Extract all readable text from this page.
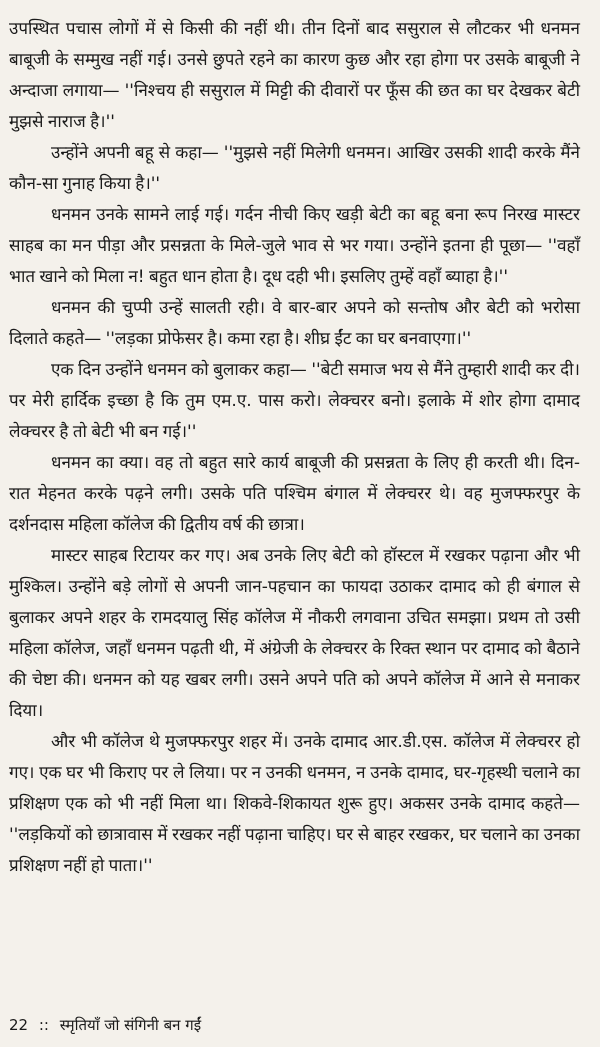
उपस्थित पचास लोगों में से किसी की नहीं थी। तीन दिनों बाद ससुराल से लौटकर भी धनमन बाबूजी के सम्मुख नहीं गई। उनसे छुपते रहने का कारण कुछ और रहा होगा पर उसके बाबूजी ने अन्दाजा लगाया— ''निश्चय ही ससुराल में मिट्टी की दीवारों पर फूँस की छत का घर देखकर बेटी मुझसे नाराज है।''

उन्होंने अपनी बहू से कहा— ''मुझसे नहीं मिलेगी धनमन। आखिर उसकी शादी करके मैंने कौन-सा गुनाह किया है।''

धनमन उनके सामने लाई गई। गर्दन नीची किए खड़ी बेटी का बहू बना रूप निरख मास्टर साहब का मन पीड़ा और प्रसन्नता के मिले-जुले भाव से भर गया। उन्होंने इतना ही पूछा— ''वहाँ भात खाने को मिला न! बहुत धान होता है। दूध दही भी। इसलिए तुम्हें वहाँ ब्याहा है।''

धनमन की चुप्पी उन्हें सालती रही। वे बार-बार अपने को सन्तोष और बेटी को भरोसा दिलाते कहते— ''लड़का प्रोफेसर है। कमा रहा है। शीघ्र ईंट का घर बनवाएगा।''

एक दिन उन्होंने धनमन को बुलाकर कहा— ''बेटी समाज भय से मैंने तुम्हारी शादी कर दी। पर मेरी हार्दिक इच्छा है कि तुम एम.ए. पास करो। लेक्चरर बनो। इलाके में शोर होगा दामाद लेक्चरर है तो बेटी भी बन गई।''

धनमन का क्या। वह तो बहुत सारे कार्य बाबूजी की प्रसन्नता के लिए ही करती थी। दिन-रात मेहनत करके पढ़ने लगी। उसके पति पश्चिम बंगाल में लेक्चरर थे। वह मुजफ्फरपुर के दर्शनदास महिला कॉलेज की द्वितीय वर्ष की छात्रा।

मास्टर साहब रिटायर कर गए। अब उनके लिए बेटी को हॉस्टल में रखकर पढ़ाना और भी मुश्किल। उन्होंने बड़े लोगों से अपनी जान-पहचान का फायदा उठाकर दामाद को ही बंगाल से बुलाकर अपने शहर के रामदयालु सिंह कॉलेज में नौकरी लगवाना उचित समझा। प्रथम तो उसी महिला कॉलेज, जहाँ धनमन पढ़ती थी, में अंग्रेजी के लेक्चरर के रिक्त स्थान पर दामाद को बैठाने की चेष्टा की। धनमन को यह खबर लगी। उसने अपने पति को अपने कॉलेज में आने से मनाकर दिया।

और भी कॉलेज थे मुजफ्फरपुर शहर में। उनके दामाद आर.डी.एस. कॉलेज में लेक्चरर हो गए। एक घर भी किराए पर ले लिया। पर न उनकी धनमन, न उनके दामाद, घर-गृहस्थी चलाने का प्रशिक्षण एक को भी नहीं मिला था। शिकवे-शिकायत शुरू हुए। अकसर उनके दामाद कहते— ''लड़कियों को छात्रावास में रखकर नहीं पढ़ाना चाहिए। घर से बाहर रखकर, घर चलाने का उनका प्रशिक्षण नहीं हो पाता।''

22 :: स्मृतियाँ जो संगिनी बन गईं
